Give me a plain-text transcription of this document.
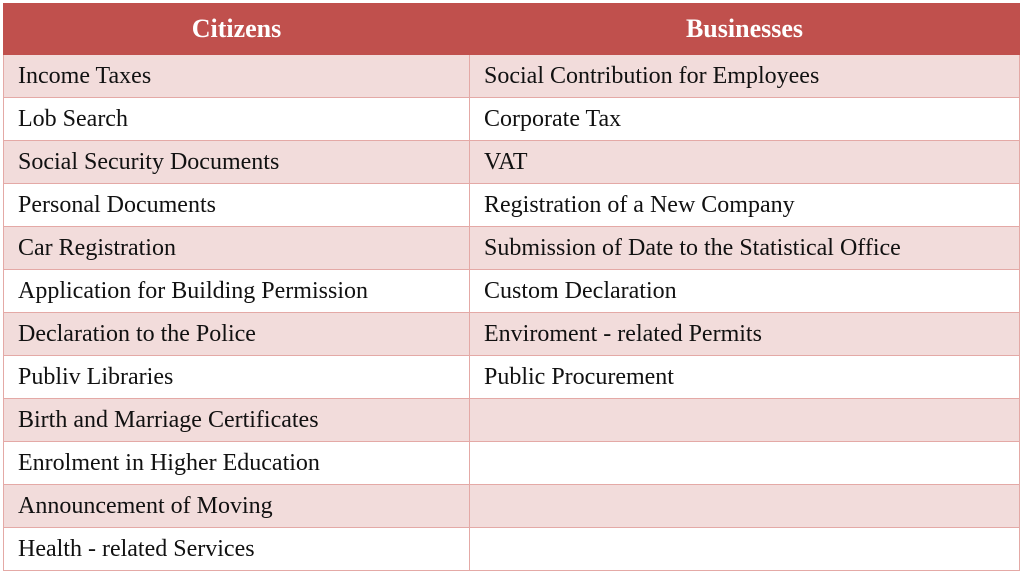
Citizens	Businesses
Income Taxes	Social Contribution for Employees
Lob Search	Corporate Tax
Social Security Documents	VAT
Personal Documents	Registration of a New Company
Car Registration	Submission of Date to the Statistical Office
Application for Building Permission	Custom Declaration
Declaration to the Police	Enviroment - related Permits
Publiv Libraries	Public Procurement
Birth and Marriage Certificates	
Enrolment in Higher Education	
Announcement of Moving	
Health - related Services	
